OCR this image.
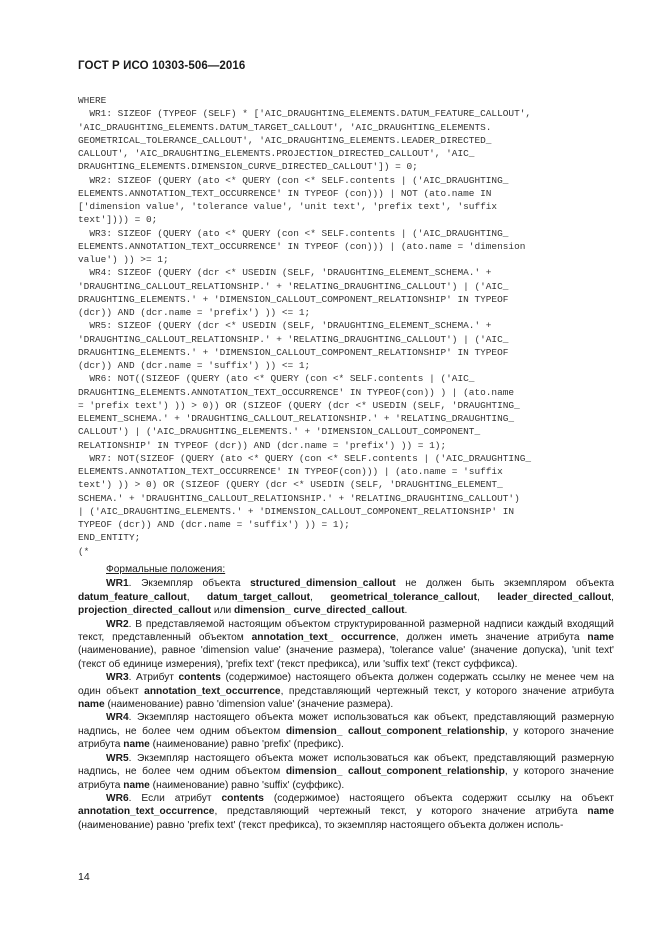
ГОСТ Р ИСО 10303-506—2016
WHERE
WR1: SIZEOF (TYPEOF (SELF) * ['AIC_DRAUGHTING_ELEMENTS.DATUM_FEATURE_CALLOUT',
'AIC_DRAUGHTING_ELEMENTS.DATUM_TARGET_CALLOUT', 'AIC_DRAUGHTING_ELEMENTS.
GEOMETRICAL_TOLERANCE_CALLOUT', 'AIC_DRAUGHTING_ELEMENTS.LEADER_DIRECTED_
CALLOUT', 'AIC_DRAUGHTING_ELEMENTS.PROJECTION_DIRECTED_CALLOUT', 'AIC_
DRAUGHTING_ELEMENTS.DIMENSION_CURVE_DIRECTED_CALLOUT']) = 0;
WR2: SIZEOF (QUERY (ato <* QUERY (con <* SELF.contents | ('AIC_DRAUGHTING_
ELEMENTS.ANNOTATION_TEXT_OCCURRENCE' IN TYPEOF (con))) | NOT (ato.name IN
['dimension value', 'tolerance value', 'unit text', 'prefix text', 'suffix
text']))) = 0;
WR3: SIZEOF (QUERY (ato <* QUERY (con <* SELF.contents | ('AIC_DRAUGHTING_
ELEMENTS.ANNOTATION_TEXT_OCCURRENCE' IN TYPEOF (con))) | (ato.name = 'dimension
value') )) >= 1;
WR4: SIZEOF (QUERY (dcr <* USEDIN (SELF, 'DRAUGHTING_ELEMENT_SCHEMA.' +
'DRAUGHTING_CALLOUT_RELATIONSHIP.' + 'RELATING_DRAUGHTING_CALLOUT') | ('AIC_
DRAUGHTING_ELEMENTS.' + 'DIMENSION_CALLOUT_COMPONENT_RELATIONSHIP' IN TYPEOF
(dcr)) AND (dcr.name = 'prefix') )) <= 1;
WR5: SIZEOF (QUERY (dcr <* USEDIN (SELF, 'DRAUGHTING_ELEMENT_SCHEMA.' +
'DRAUGHTING_CALLOUT_RELATIONSHIP.' + 'RELATING_DRAUGHTING_CALLOUT') | ('AIC_
DRAUGHTING_ELEMENTS.' + 'DIMENSION_CALLOUT_COMPONENT_RELATIONSHIP' IN TYPEOF
(dcr)) AND (dcr.name = 'suffix') )) <= 1;
WR6: NOT((SIZEOF (QUERY (ato <* QUERY (con <* SELF.contents | ('AIC_
DRAUGHTING_ELEMENTS.ANNOTATION_TEXT_OCCURRENCE' IN TYPEOF(con)) ) | (ato.name
= 'prefix text') )) > 0)) OR (SIZEOF (QUERY (dcr <* USEDIN (SELF, 'DRAUGHTING_
ELEMENT_SCHEMA.' + 'DRAUGHTING_CALLOUT_RELATIONSHIP.' + 'RELATING_DRAUGHTING_
CALLOUT') | ('AIC_DRAUGHTING_ELEMENTS.' + 'DIMENSION_CALLOUT_COMPONENT_
RELATIONSHIP' IN TYPEOF (dcr)) AND (dcr.name = 'prefix') )) = 1);
WR7: NOT(SIZEOF (QUERY (ato <* QUERY (con <* SELF.contents | ('AIC_DRAUGHTING_
ELEMENTS.ANNOTATION_TEXT_OCCURRENCE' IN TYPEOF(con))) | (ato.name = 'suffix
text') )) > 0) OR (SIZEOF (QUERY (dcr <* USEDIN (SELF, 'DRAUGHTING_ELEMENT_
SCHEMA.' + 'DRAUGHTING_CALLOUT_RELATIONSHIP.' + 'RELATING_DRAUGHTING_CALLOUT')
| ('AIC_DRAUGHTING_ELEMENTS.' + 'DIMENSION_CALLOUT_COMPONENT_RELATIONSHIP' IN
TYPEOF (dcr)) AND (dcr.name = 'suffix') )) = 1);
END_ENTITY;
(*
Формальные положения:

WR1. Экземпляр объекта structured_dimension_callout не должен быть экземпляром объекта datum_feature_callout, datum_target_callout, geometrical_tolerance_callout, leader_directed_callout, projection_directed_callout или dimension_ curve_directed_callout.

WR2. В представляемой настоящим объектом структурированной размерной надписи каждый входящий текст, представленный объектом annotation_text_ occurrence, должен иметь значение атрибута name (наименование), равное 'dimension value' (значение размера), 'tolerance value' (значение допуска), 'unit text' (текст об единице измерения), 'prefix text' (текст префикса), или 'suffix text' (текст суффикса).

WR3. Атрибут contents (содержимое) настоящего объекта должен содержать ссылку не менее чем на один объект annotation_text_occurrence, представляющий чертежный текст, у которого значение атрибута name (наименование) равно 'dimension value' (значение размера).

WR4. Экземпляр настоящего объекта может использоваться как объект, представляющий размерную надпись, не более чем одним объектом dimension_ callout_component_relationship, у которого значение атрибута name (наименование) равно 'prefix' (префикс).

WR5. Экземпляр настоящего объекта может использоваться как объект, представляющий размерную надпись, не более чем одним объектом dimension_ callout_component_relationship, у которого значение атрибута name (наименование) равно 'suffix' (суффикс).

WR6. Если атрибут contents (содержимое) настоящего объекта содержит ссылку на объект annotation_text_occurrence, представляющий чертежный текст, у которого значение атрибута name (наименование) равно 'prefix text' (текст префикса), то экземпляр настоящего объекта должен исполь-

14
